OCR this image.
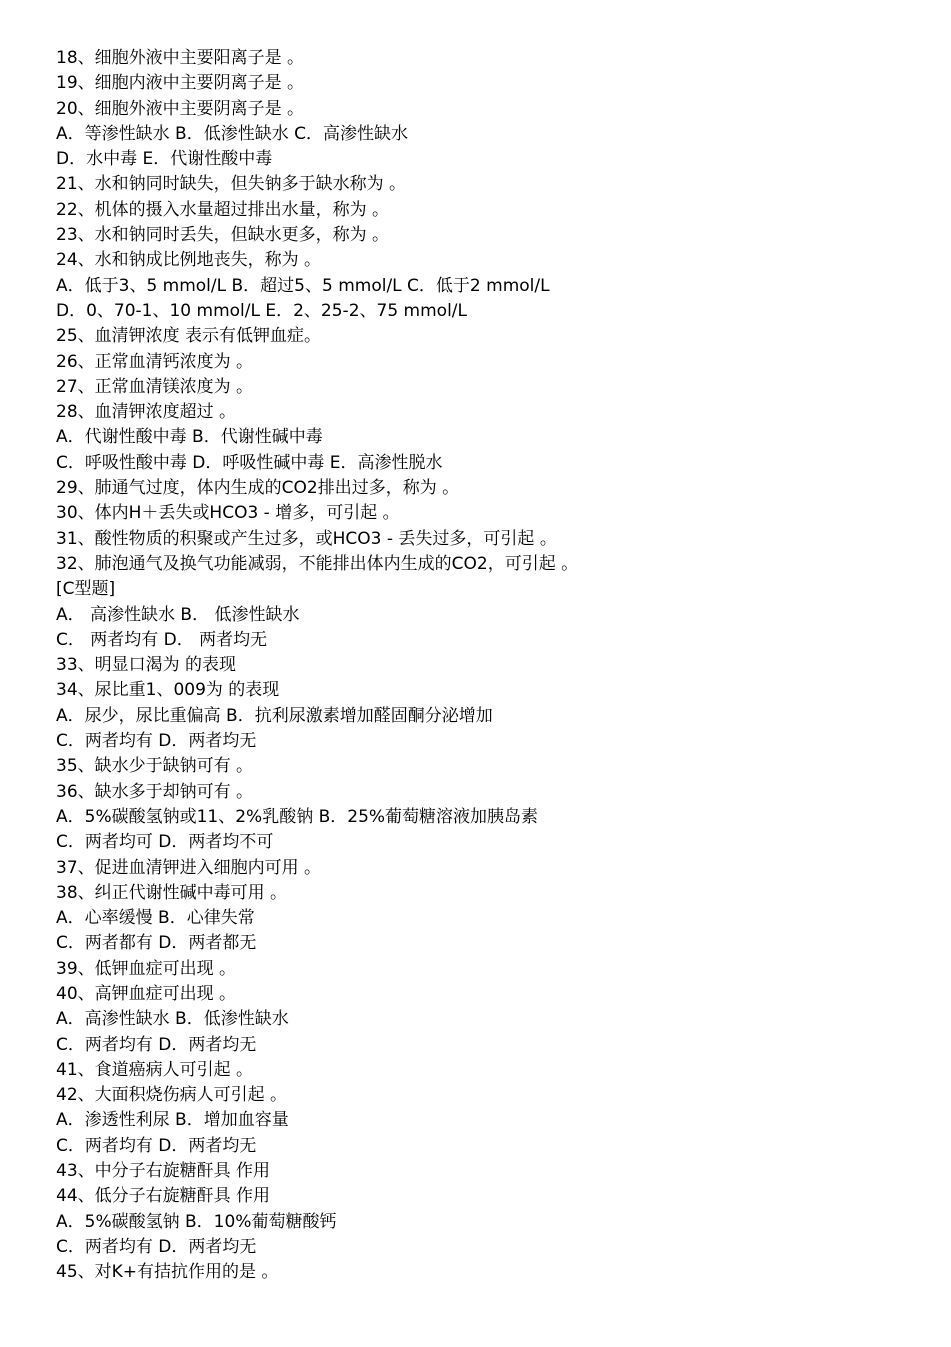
18、细胞外液中主要阳离子是 。
19、细胞内液中主要阴离子是 。
20、细胞外液中主要阴离子是 。
A．等渗性缺水 B．低渗性缺水 C．高渗性缺水
D．水中毒 E．代谢性酸中毒
21、水和钠同时缺失，但失钠多于缺水称为 。
22、机体的摄入水量超过排出水量，称为 。
23、水和钠同时丢失，但缺水更多，称为 。
24、水和钠成比例地丧失，称为 。
A．低于3、5 mmol/L B．超过5、5 mmol/L C．低于2 mmol/L
D．0、70-1、10 mmol/L E．2、25-2、75 mmol/L
25、血清钾浓度 表示有低钾血症。
26、正常血清钙浓度为 。
27、正常血清镁浓度为 。
28、血清钾浓度超过 。
A．代谢性酸中毒 B．代谢性碱中毒
C．呼吸性酸中毒 D．呼吸性碱中毒 E．高渗性脱水
29、肺通气过度，体内生成的CO2排出过多，称为 。
30、体内H＋丢失或HCO3 - 增多，可引起 。
31、酸性物质的积聚或产生过多，或HCO3 - 丢失过多，可引起 。
32、肺泡通气及换气功能减弱，不能排出体内生成的CO2，可引起 。
[C型题]
A． 高渗性缺水 B． 低渗性缺水
C． 两者均有 D． 两者均无
33、明显口渴为 的表现
34、尿比重1、009为 的表现
A．尿少，尿比重偏高 B．抗利尿激素增加醛固酮分泌增加
C．两者均有 D．两者均无
35、缺水少于缺钠可有 。
36、缺水多于却钠可有 。
A．5%碳酸氢钠或11、2%乳酸钠 B．25%葡萄糖溶液加胰岛素
C．两者均可 D．两者均不可
37、促进血清钾进入细胞内可用 。
38、纠正代谢性碱中毒可用 。
A．心率缓慢 B．心律失常
C．两者都有 D．两者都无
39、低钾血症可出现 。
40、高钾血症可出现 。
A．高渗性缺水 B．低渗性缺水
C．两者均有 D．两者均无
41、食道癌病人可引起 。
42、大面积烧伤病人可引起 。
A．渗透性利尿 B．增加血容量
C．两者均有 D．两者均无
43、中分子右旋糖酐具 作用
44、低分子右旋糖酐具 作用
A．5%碳酸氢钠 B．10%葡萄糖酸钙
C．两者均有 D．两者均无
45、对K+有拮抗作用的是 。
